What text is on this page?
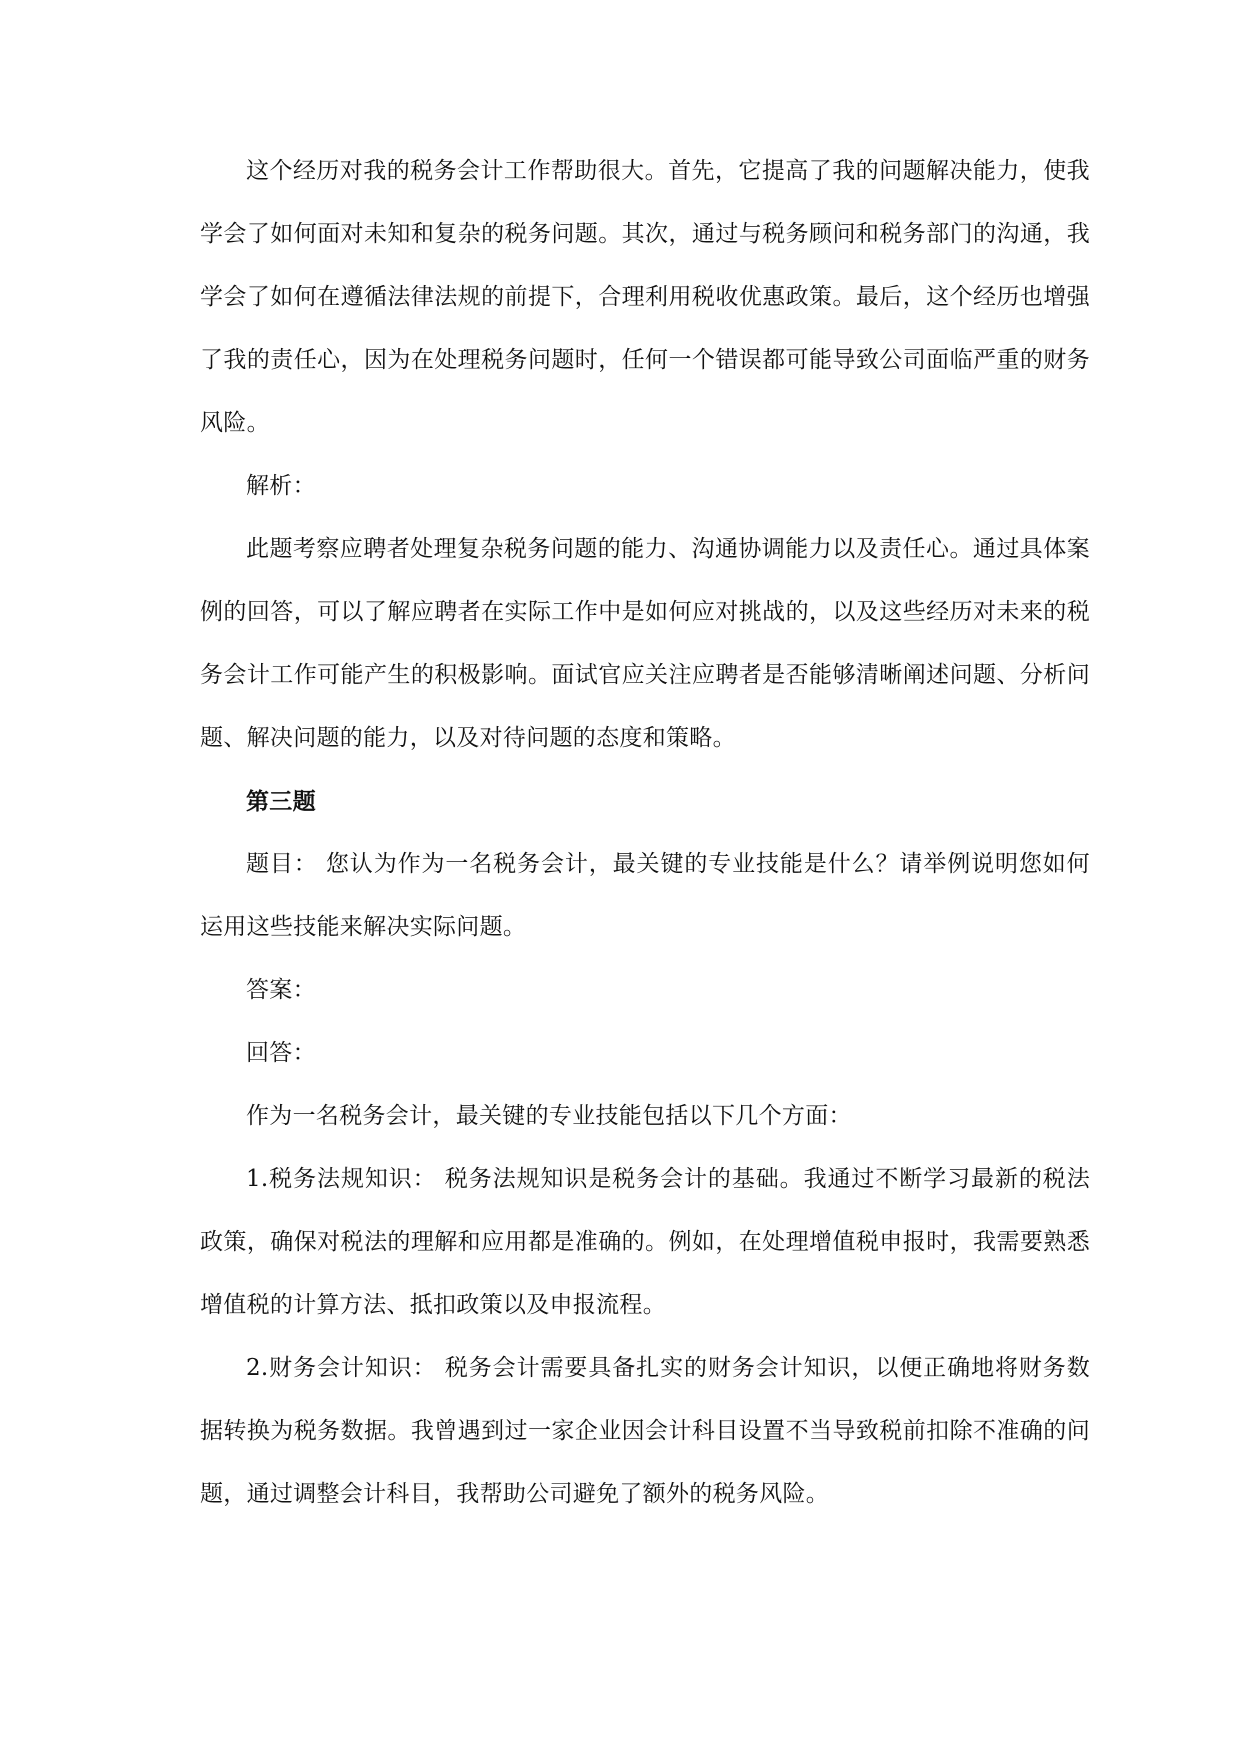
这个经历对我的税务会计工作帮助很大。首先，它提高了我的问题解决能力，使我学会了如何面对未知和复杂的税务问题。其次，通过与税务顾问和税务部门的沟通，我学会了如何在遵循法律法规的前提下，合理利用税收优惠政策。最后，这个经历也增强了我的责任心，因为在处理税务问题时，任何一个错误都可能导致公司面临严重的财务风险。

解析：

此题考察应聘者处理复杂税务问题的能力、沟通协调能力以及责任心。通过具体案例的回答，可以了解应聘者在实际工作中是如何应对挑战的，以及这些经历对未来的税务会计工作可能产生的积极影响。面试官应关注应聘者是否能够清晰阐述问题、分析问题、解决问题的能力，以及对待问题的态度和策略。

第三题

题目： 您认为作为一名税务会计，最关键的专业技能是什么？请举例说明您如何运用这些技能来解决实际问题。

答案：

回答：

作为一名税务会计，最关键的专业技能包括以下几个方面：

1.税务法规知识： 税务法规知识是税务会计的基础。我通过不断学习最新的税法政策，确保对税法的理解和应用都是准确的。例如，在处理增值税申报时，我需要熟悉增值税的计算方法、抵扣政策以及申报流程。

2.财务会计知识： 税务会计需要具备扎实的财务会计知识，以便正确地将财务数据转换为税务数据。我曾遇到过一家企业因会计科目设置不当导致税前扣除不准确的问题，通过调整会计科目，我帮助公司避免了额外的税务风险。
